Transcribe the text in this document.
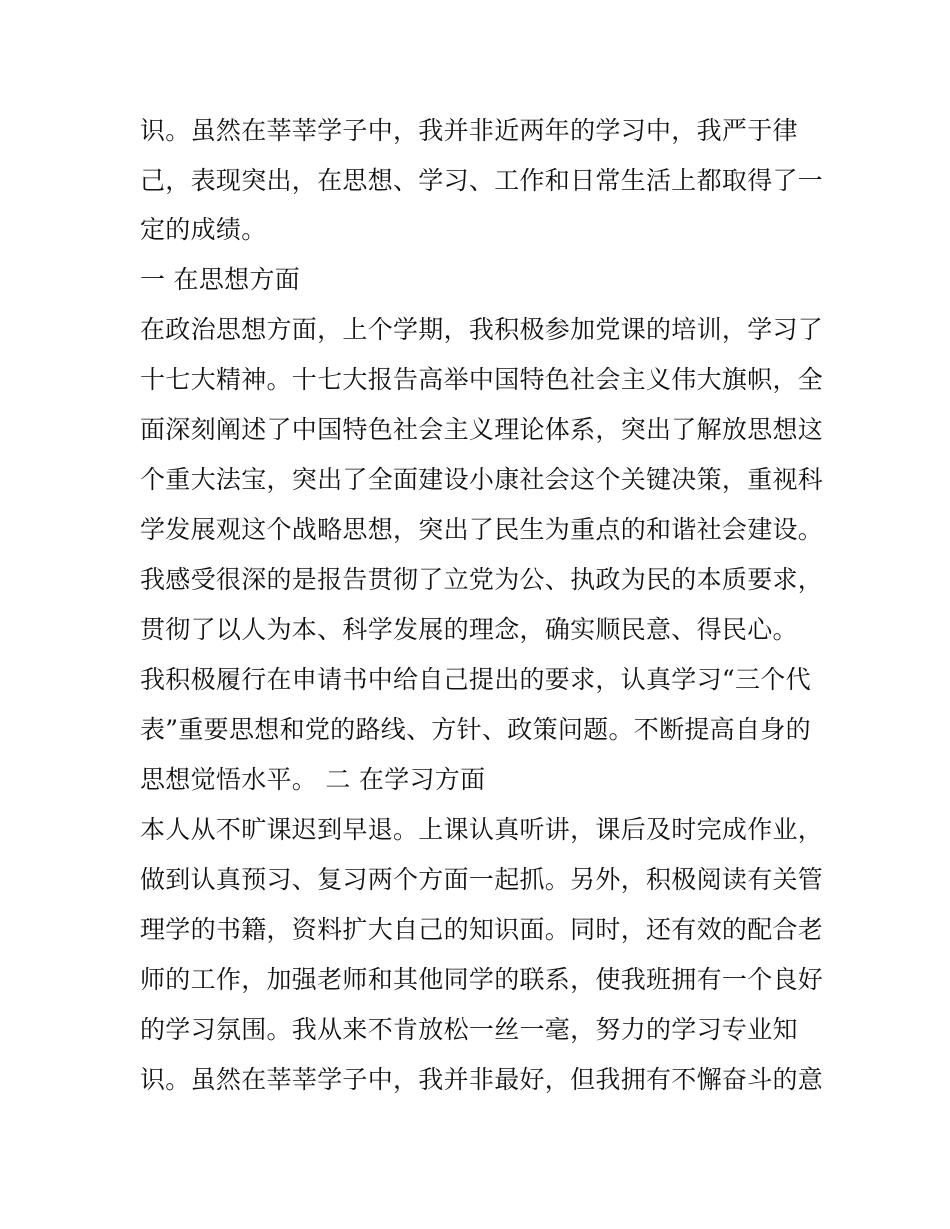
识。虽然在莘莘学子中，我并非近两年的学习中，我严于律
己，表现突出，在思想、学习、工作和日常生活上都取得了一
定的成绩。
一 在思想方面
在政治思想方面，上个学期，我积极参加党课的培训，学习了
十七大精神。十七大报告高举中国特色社会主义伟大旗帜，全
面深刻阐述了中国特色社会主义理论体系，突出了解放思想这
个重大法宝，突出了全面建设小康社会这个关键决策，重视科
学发展观这个战略思想，突出了民生为重点的和谐社会建设。
我感受很深的是报告贯彻了立党为公、执政为民的本质要求，
贯彻了以人为本、科学发展的理念，确实顺民意、得民心。
我积极履行在申请书中给自己提出的要求，认真学习“三个代
表”重要思想和党的路线、方针、政策问题。不断提高自身的
思想觉悟水平。 二 在学习方面
本人从不旷课迟到早退。上课认真听讲，课后及时完成作业，
做到认真预习、复习两个方面一起抓。另外，积极阅读有关管
理学的书籍，资料扩大自己的知识面。同时，还有效的配合老
师的工作，加强老师和其他同学的联系，使我班拥有一个良好
的学习氛围。我从来不肯放松一丝一毫，努力的学习专业知
识。虽然在莘莘学子中，我并非最好，但我拥有不懈奋斗的意
